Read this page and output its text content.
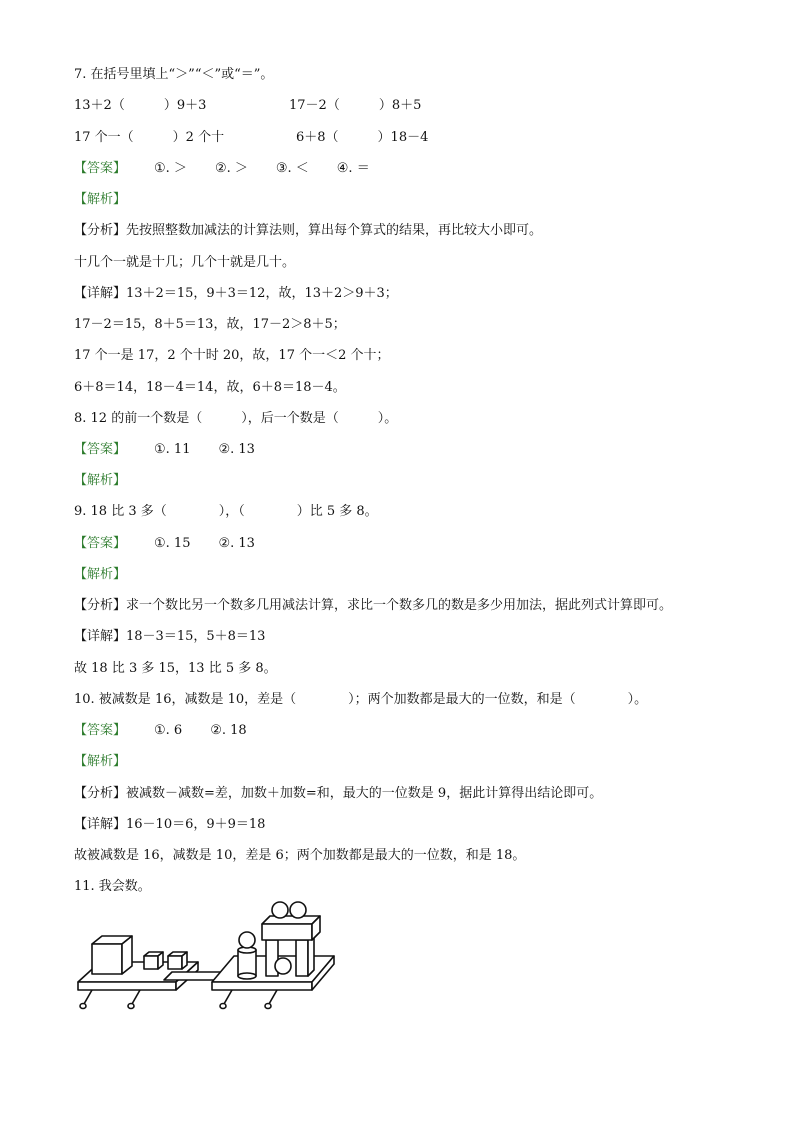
7. 在括号里填上“＞”“＜”或“＝”。
13＋2（　　　）9＋3	17－2（　　　）8＋5
17 个一（　　　）2 个十	6＋8（　　　）18－4
【答案】 ①. ＞ ②. ＞ ③. ＜ ④. ＝
【解析】
【分析】先按照整数加减法的计算法则，算出每个算式的结果，再比较大小即可。
十几个一就是十几；几个十就是几十。
【详解】13＋2＝15，9＋3＝12，故，13＋2＞9＋3；
17－2＝15，8＋5＝13，故，17－2＞8＋5；
17 个一是 17，2 个十时 20，故，17 个一＜2 个十；
6＋8＝14，18－4＝14，故，6＋8＝18－4。
8. 12 的前一个数是（　　　），后一个数是（　　　）。
【答案】 ①. 11 ②. 13
【解析】
9. 18 比 3 多（　　　　），（　　　　）比 5 多 8。
【答案】 ①. 15 ②. 13
【解析】
【分析】求一个数比另一个数多几用减法计算，求比一个数多几的数是多少用加法，据此列式计算即可。
【详解】18－3＝15，5＋8＝13
故 18 比 3 多 15，13 比 5 多 8。
10. 被减数是 16，减数是 10，差是（　　　　）；两个加数都是最大的一位数，和是（　　　　）。
【答案】 ①. 6 ②. 18
【解析】
【分析】被减数－减数=差，加数＋加数=和，最大的一位数是 9，据此计算得出结论即可。
【详解】16－10＝6，9＋9＝18
故被减数是 16，减数是 10，差是 6；两个加数都是最大的一位数，和是 18。
11. 我会数。
